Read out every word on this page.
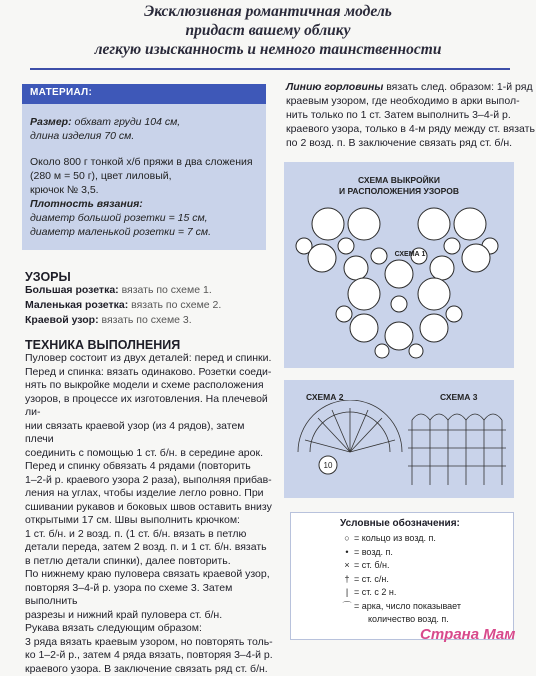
Эксклюзивная романтичная модель
придаст вашему облику
легкую изысканность и немного таинственности
МАТЕРИАЛ:
Размер: обхват груди 104 см,
длина изделия 70 см.
Около 800 г тонкой х/б пряжи в два сложения
(280 м = 50 г), цвет лиловый,
крючок № 3,5.
Плотность вязания:
диаметр большой розетки = 15 см,
диаметр маленькой розетки = 7 см.
УЗОРЫ
Большая розетка: вязать по схеме 1.
Маленькая розетка: вязать по схеме 2.
Краевой узор: вязать по схеме 3.
ТЕХНИКА ВЫПОЛНЕНИЯ
Пуловер состоит из двух деталей: перед и спинки.
Перед и спинка: вязать одинаково. Розетки соеди-
нять по выкройке модели и схеме расположения
узоров, в процессе их изготовления. На плечевой ли-
нии связать краевой узор (из 4 рядов), затем плечи
соединить с помощью 1 ст. б/н. в середине арок.
Перед и спинку обвязать 4 рядами (повторить
1–2-й р. краевого узора 2 раза), выполняя прибав-
ления на углах, чтобы изделие легло ровно. При
сшивании рукавов и боковых швов оставить внизу
открытыми 17 см. Швы выполнить крючком:
1 ст. б/н. и 2 возд. п. (1 ст. б/н. вязать в петлю
детали переда, затем 2 возд. п. и 1 ст. б/н. вязать
в петлю детали спинки), далее повторить.
По нижнему краю пуловера связать краевой узор,
повторяя 3–4-й р. узора по схеме 3. Затем выполнить
разрезы и нижний край пуловера ст. б/н.
Рукава вязать следующим образом:
3 ряда вязать краевым узором, но повторять толь-
ко 1–2-й р., затем 4 ряда вязать, повторяя 3–4-й р.
краевого узора. В заключение связать ряд ст. б/н.
Линию горловины вязать след. образом: 1-й ряд
краевым узором, где необходимо в арки выпол-
нить только по 1 ст. Затем выполнить 3–4-й р.
краевого узора, только в 4-м ряду между ст. вязать
по 2 возд. п. В заключение связать ряд ст. б/н.
СХЕМА ВЫКРОЙКИ
И РАСПОЛОЖЕНИЯ УЗОРОВ
СХЕМА 1
СХЕМА 2	СХЕМА 3
10
Условные обозначения:
○ = кольцо из возд. п.
• = возд. п.
× = ст. б/н.
† = ст. с/н.
| = ст. с 2 н.
⌒ = арка, число показывает
количество возд. п.
Страна Мам
